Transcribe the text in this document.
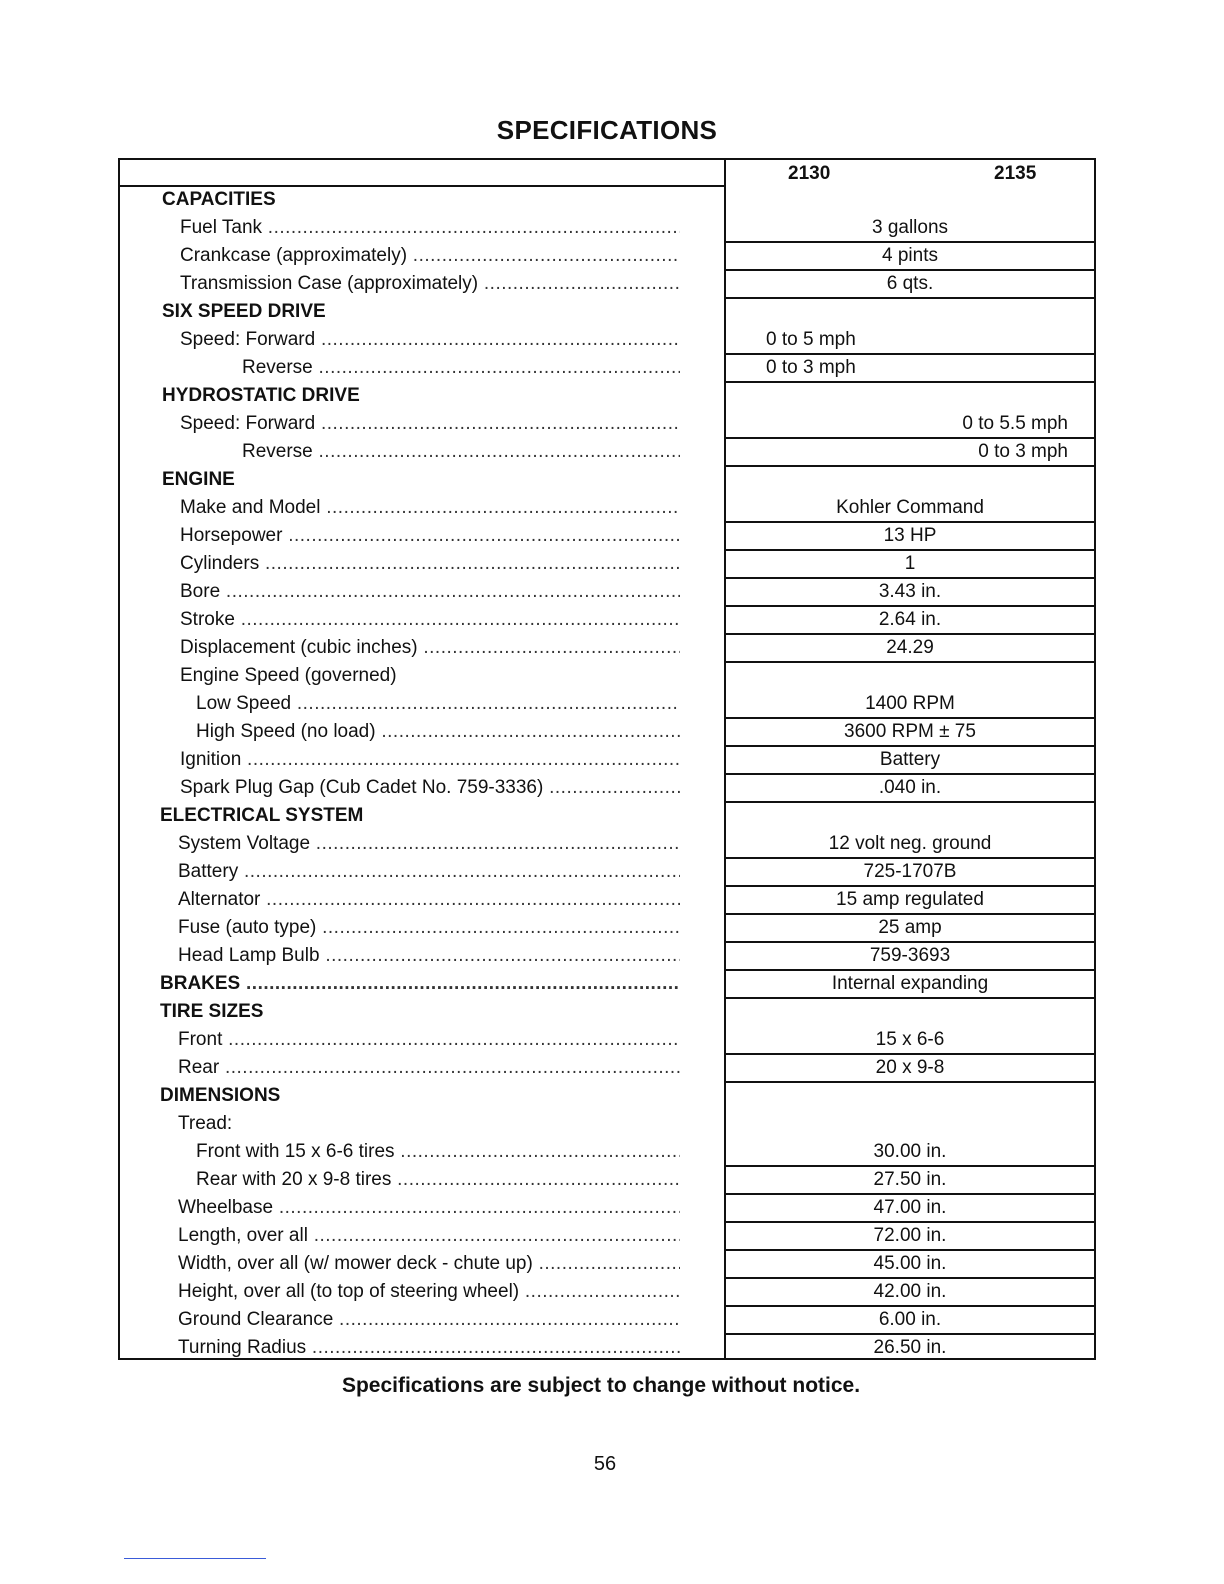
SPECIFICATIONS
2130	2135
CAPACITIES
Fuel Tank .....	3 gallons
Crankcase (approximately) .....	4 pints
Transmission Case (approximately) .....	6 qts.
SIX SPEED DRIVE
Speed: Forward .....	0 to 5 mph
Reverse .....	0 to 3 mph
HYDROSTATIC DRIVE
Speed: Forward .....	0 to 5.5 mph
Reverse .....	0 to 3 mph
ENGINE
Make and Model .....	Kohler Command
Horsepower .....	13 HP
Cylinders .....	1
Bore .....	3.43 in.
Stroke .....	2.64 in.
Displacement (cubic inches) .....	24.29
Engine Speed (governed)
Low Speed .....	1400 RPM
High Speed (no load) .....	3600 RPM ± 75
Ignition .....	Battery
Spark Plug Gap (Cub Cadet No. 759-3336) .....	.040 in.
ELECTRICAL SYSTEM
System Voltage .....	12 volt neg. ground
Battery .....	725-1707B
Alternator .....	15 amp regulated
Fuse (auto type) .....	25 amp
Head Lamp Bulb .....	759-3693
BRAKES .....	Internal expanding
TIRE SIZES
Front .....	15 x 6-6
Rear .....	20 x 9-8
DIMENSIONS
Tread:
Front with 15 x 6-6 tires .....	30.00 in.
Rear with 20 x 9-8 tires .....	27.50 in.
Wheelbase .....	47.00 in.
Length, over all .....	72.00 in.
Width, over all (w/ mower deck - chute up) .....	45.00 in.
Height, over all (to top of steering wheel) .....	42.00 in.
Ground Clearance .....	6.00 in.
Turning Radius .....	26.50 in.
Specifications are subject to change without notice.
56
